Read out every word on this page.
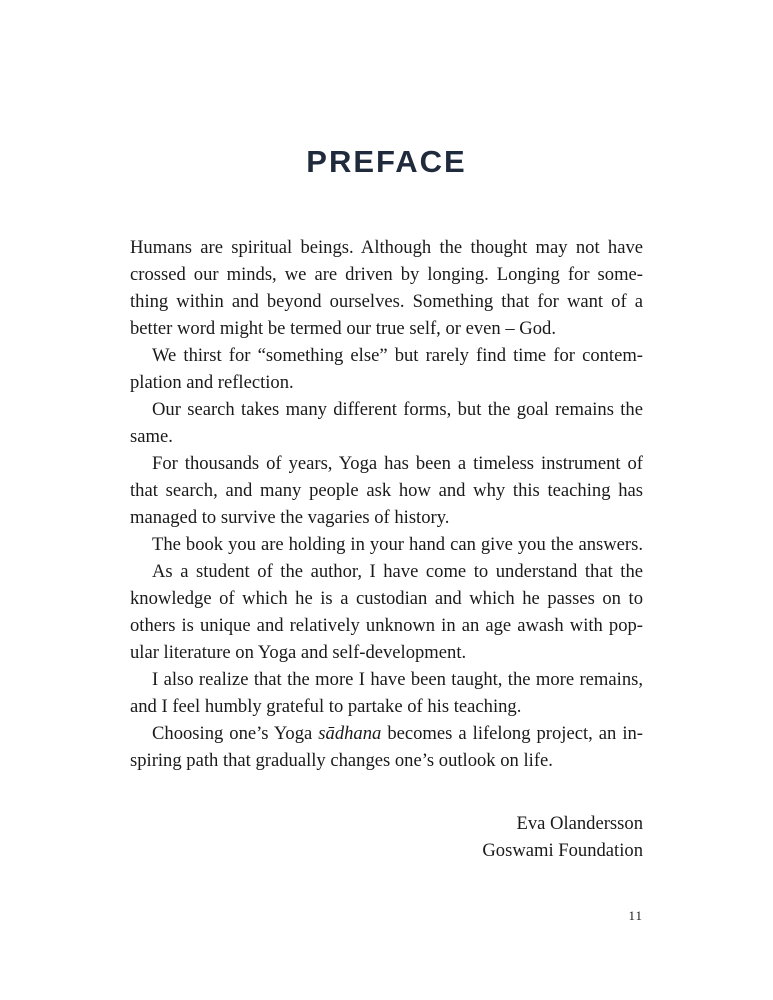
PREFACE
Humans are spiritual beings. Although the thought may not have
crossed our minds, we are driven by longing. Longing for some-
thing within and beyond ourselves. Something that for want of a
better word might be termed our true self, or even – God.
We thirst for “something else” but rarely find time for contem-
plation and reflection.
Our search takes many different forms, but the goal remains the
same.
For thousands of years, Yoga has been a timeless instrument of
that search, and many people ask how and why this teaching has
managed to survive the vagaries of history.
The book you are holding in your hand can give you the answers.
As a student of the author, I have come to understand that the
knowledge of which he is a custodian and which he passes on to
others is unique and relatively unknown in an age awash with pop-
ular literature on Yoga and self-development.
I also realize that the more I have been taught, the more remains,
and I feel humbly grateful to partake of his teaching.
Choosing one’s Yoga sādhana becomes a lifelong project, an in-
spiring path that gradually changes one’s outlook on life.
Eva Olandersson
Goswami Foundation
11
